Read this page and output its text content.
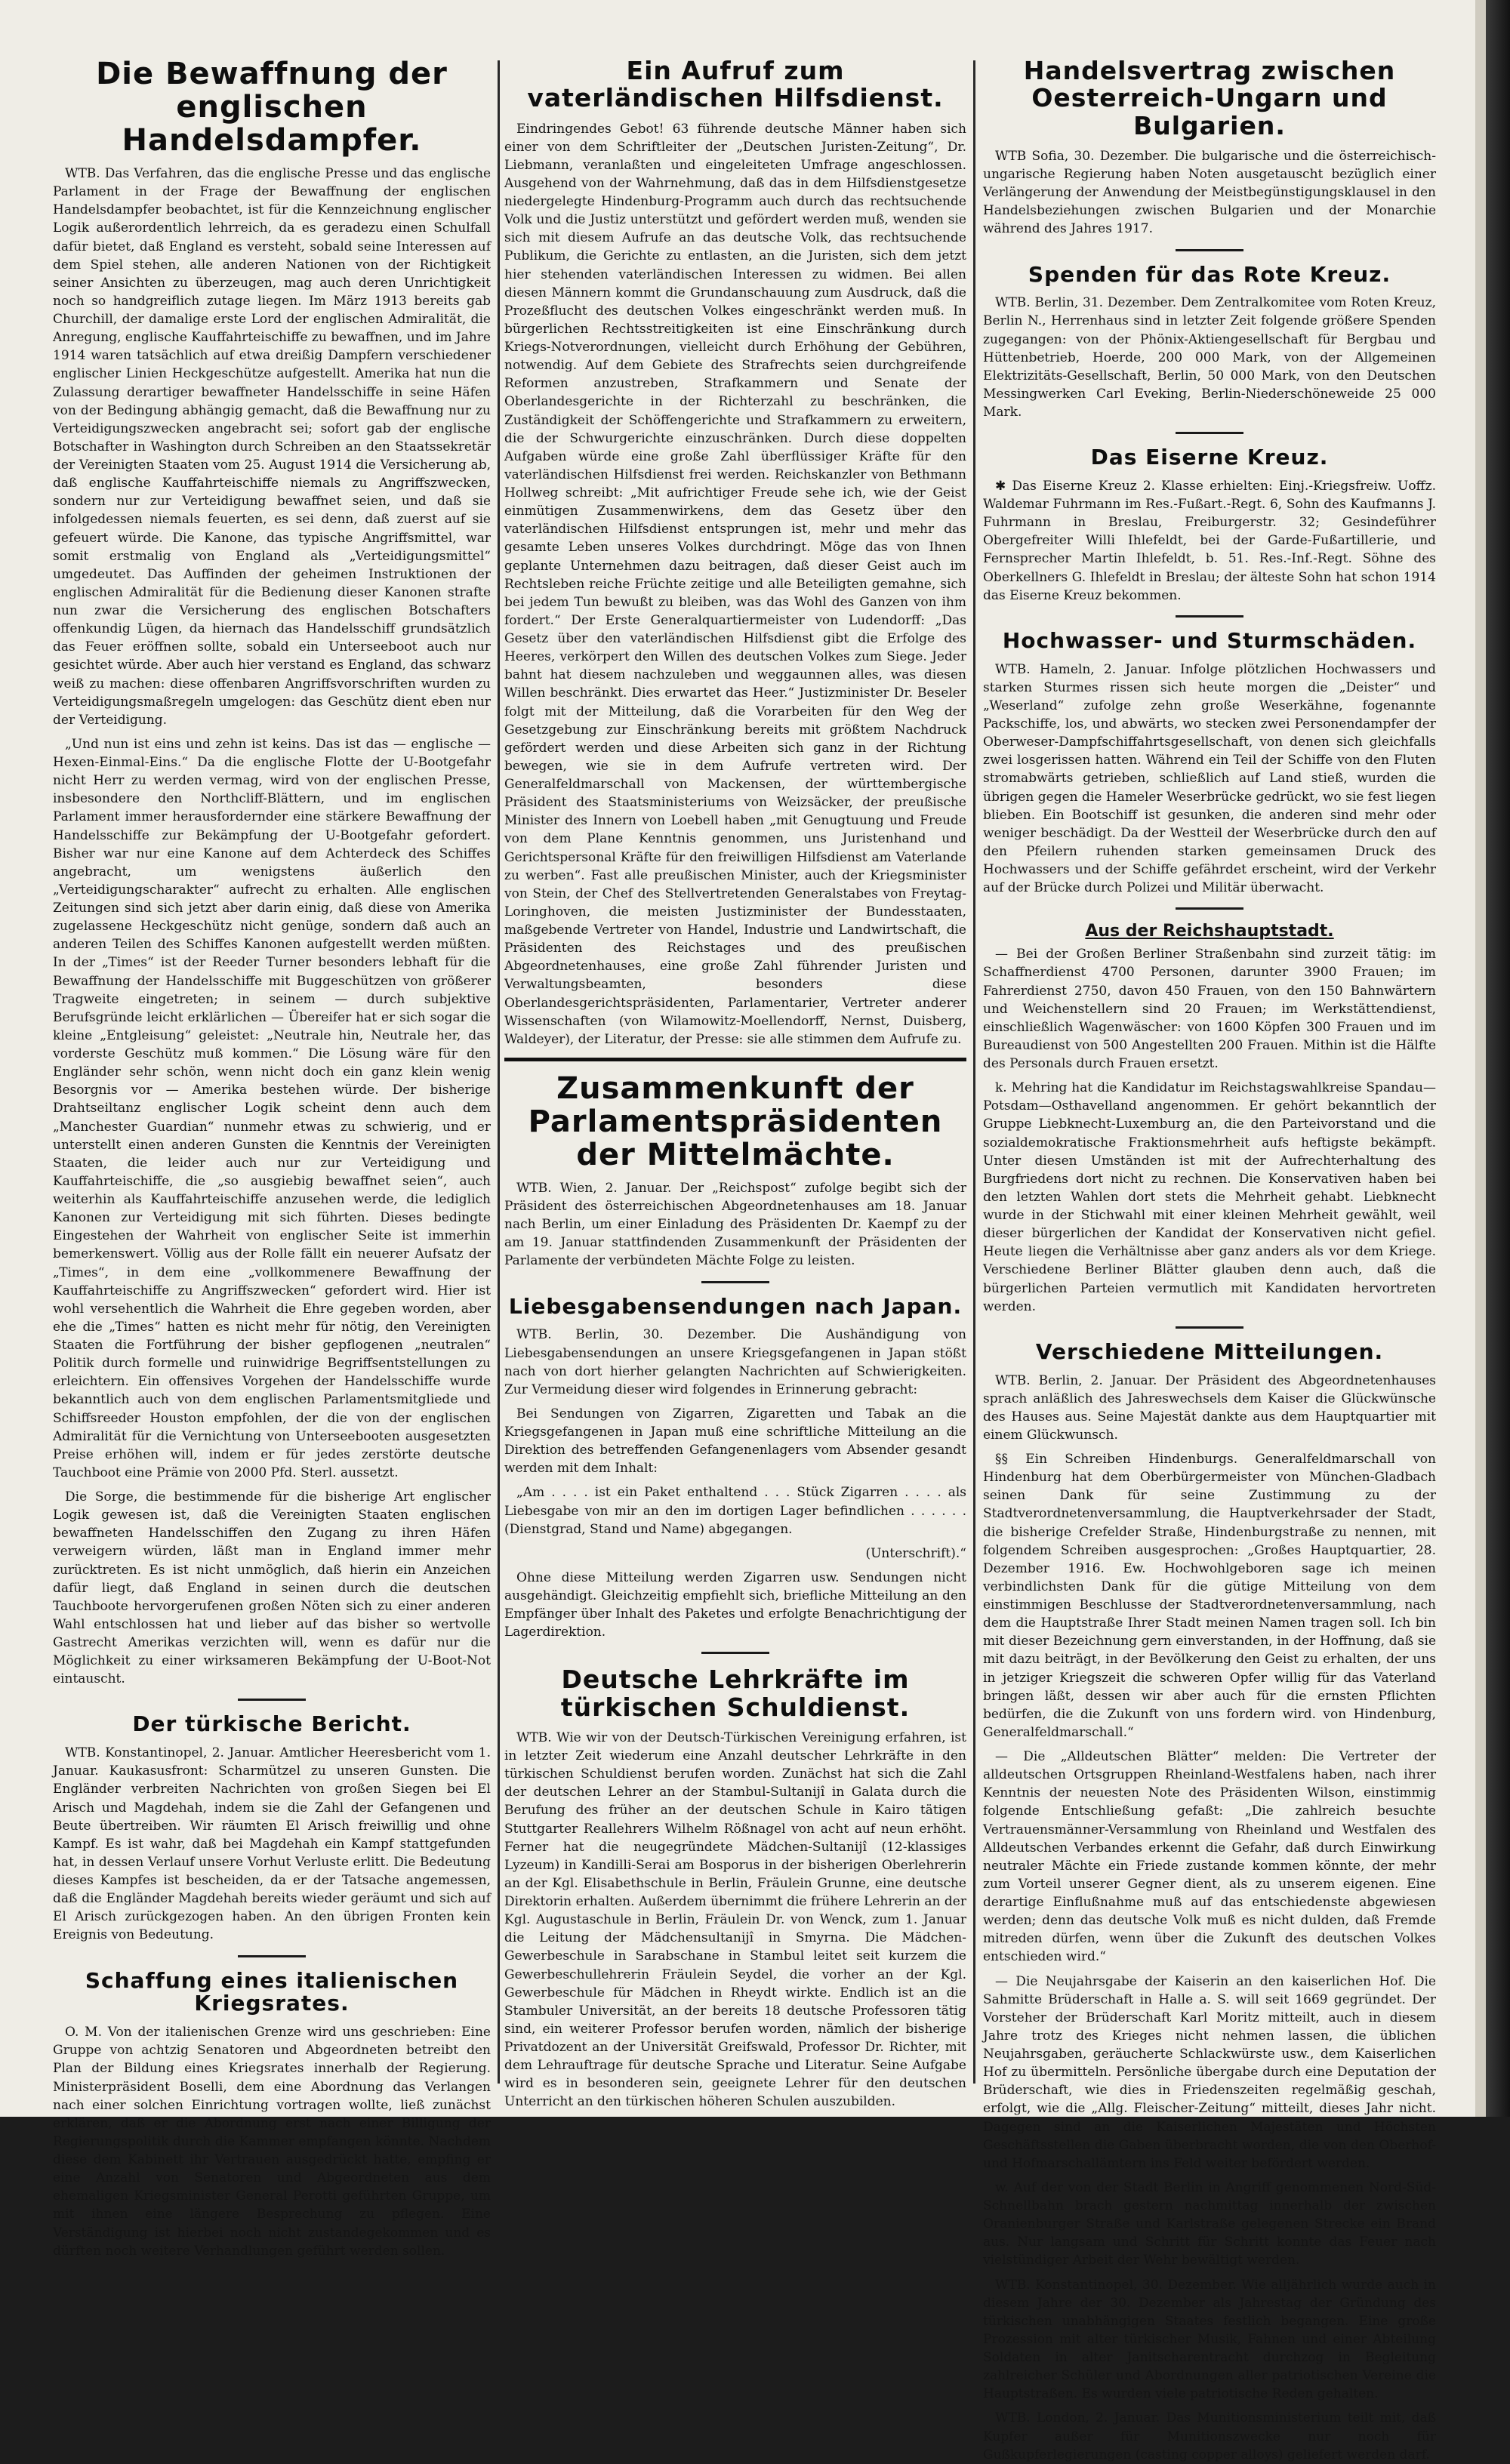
Die Bewaffnung der englischen Handelsdampfer.

WTB. Das Verfahren, das die englische Presse und das englische Parlament in der Frage der Bewaffnung der englischen Handelsdampfer beobachtet, ist für die Kennzeichnung englischer Logik außerordentlich lehrreich, da es geradezu einen Schulfall dafür bietet, daß England es versteht, sobald seine Interessen auf dem Spiel stehen, alle anderen Nationen von der Richtigkeit seiner Ansichten zu überzeugen, mag auch deren Unrichtigkeit noch so handgreiflich zutage liegen. Im März 1913 bereits gab Churchill, der damalige erste Lord der englischen Admiralität, die Anregung, englische Kauffahrteischiffe zu bewaffnen, und im Jahre 1914 waren tatsächlich auf etwa dreißig Dampfern verschiedener englischer Linien Heckgeschütze aufgestellt. Amerika hat nun die Zulassung derartiger bewaffneter Handelsschiffe in seine Häfen von der Bedingung abhängig gemacht, daß die Bewaffnung nur zu Verteidigungszwecken angebracht sei; sofort gab der englische Botschafter in Washington durch Schreiben an den Staatssekretär der Vereinigten Staaten vom 25. August 1914 die Versicherung ab, daß englische Kauffahrteischiffe niemals zu Angriffszwecken, sondern nur zur Verteidigung bewaffnet seien, und daß sie infolgedessen niemals feuerten, es sei denn, daß zuerst auf sie gefeuert würde. Die Kanone, das typische Angriffsmittel, war somit erstmalig von England als „Verteidigungsmittel“ umgedeutet. Das Auffinden der geheimen Instruktionen der englischen Admiralität für die Bedienung dieser Kanonen strafte nun zwar die Versicherung des englischen Botschafters offenkundig Lügen, da hiernach das Handelsschiff grundsätzlich das Feuer eröffnen sollte, sobald ein Unterseeboot auch nur gesichtet würde. Aber auch hier verstand es England, das schwarz weiß zu machen: diese offenbaren Angriffsvorschriften wurden zu Verteidigungsmaßregeln umgelogen: das Geschütz dient eben nur der Verteidigung.

„Und nun ist eins und zehn ist keins. Das ist das — englische — Hexen-Einmal-Eins.“ Da die englische Flotte der U-Bootgefahr nicht Herr zu werden vermag, wird von der englischen Presse, insbesondere den Northcliff-Blättern, und im englischen Parlament immer herausfordernder eine stärkere Bewaffnung der Handelsschiffe zur Bekämpfung der U-Bootgefahr gefordert. Bisher war nur eine Kanone auf dem Achterdeck des Schiffes angebracht, um wenigstens äußerlich den „Verteidigungscharakter“ aufrecht zu erhalten. Alle englischen Zeitungen sind sich jetzt aber darin einig, daß diese von Amerika zugelassene Heckgeschütz nicht genüge, sondern daß auch an anderen Teilen des Schiffes Kanonen aufgestellt werden müßten. In der „Times“ ist der Reeder Turner besonders lebhaft für die Bewaffnung der Handelsschiffe mit Buggeschützen von größerer Tragweite eingetreten; in seinem — durch subjektive Berufsgründe leicht erklärlichen — Übereifer hat er sich sogar die kleine „Entgleisung“ geleistet: „Neutrale hin, Neutrale her, das vorderste Geschütz muß kommen.“ Die Lösung wäre für den Engländer sehr schön, wenn nicht doch ein ganz klein wenig Besorgnis vor — Amerika bestehen würde. Der bisherige Drahtseiltanz englischer Logik scheint denn auch dem „Manchester Guardian“ nunmehr etwas zu schwierig, und er unterstellt einen anderen Gunsten die Kenntnis der Vereinigten Staaten, die leider auch nur zur Verteidigung und Kauffahrteischiffe, die „so ausgiebig bewaffnet seien“, auch weiterhin als Kauffahrteischiffe anzusehen werde, die lediglich Kanonen zur Verteidigung mit sich führten. Dieses bedingte Eingestehen der Wahrheit von englischer Seite ist immerhin bemerkenswert. Völlig aus der Rolle fällt ein neuerer Aufsatz der „Times“, in dem eine „vollkommenere Bewaffnung der Kauffahrteischiffe zu Angriffszwecken“ gefordert wird. Hier ist wohl versehentlich die Wahrheit die Ehre gegeben worden, aber ehe die „Times“ hatten es nicht mehr für nötig, den Vereinigten Staaten die Fortführung der bisher gepflogenen „neutralen“ Politik durch formelle und ruinwidrige Begriffsentstellungen zu erleichtern. Ein offensives Vorgehen der Handelsschiffe wurde bekanntlich auch von dem englischen Parlamentsmitgliede und Schiffsreeder Houston empfohlen, der die von der englischen Admiralität für die Vernichtung von Unterseebooten ausgesetzten Preise erhöhen will, indem er für jedes zerstörte deutsche Tauchboot eine Prämie von 2000 Pfd. Sterl. aussetzt.

Die Sorge, die bestimmende für die bisherige Art englischer Logik gewesen ist, daß die Vereinigten Staaten englischen bewaffneten Handelsschiffen den Zugang zu ihren Häfen verweigern würden, läßt man in England immer mehr zurücktreten. Es ist nicht unmöglich, daß hierin ein Anzeichen dafür liegt, daß England in seinen durch die deutschen Tauchboote hervorgerufenen großen Nöten sich zu einer anderen Wahl entschlossen hat und lieber auf das bisher so wertvolle Gastrecht Amerikas verzichten will, wenn es dafür nur die Möglichkeit zu einer wirksameren Bekämpfung der U-Boot-Not eintauscht.

Der türkische Bericht.

WTB. Konstantinopel, 2. Januar. Amtlicher Heeresbericht vom 1. Januar. Kaukasusfront: Scharmützel zu unseren Gunsten. Die Engländer verbreiten Nachrichten von großen Siegen bei El Arisch und Magdehah, indem sie die Zahl der Gefangenen und Beute übertreiben. Wir räumten El Arisch freiwillig und ohne Kampf. Es ist wahr, daß bei Magdehah ein Kampf stattgefunden hat, in dessen Verlauf unsere Vorhut Verluste erlitt. Die Bedeutung dieses Kampfes ist bescheiden, da er der Tatsache angemessen, daß die Engländer Magdehah bereits wieder geräumt und sich auf El Arisch zurückgezogen haben. An den übrigen Fronten kein Ereignis von Bedeutung.

Schaffung eines italienischen Kriegsrates.

O. M. Von der italienischen Grenze wird uns geschrieben: Eine Gruppe von achtzig Senatoren und Abgeordneten betreibt den Plan der Bildung eines Kriegsrates innerhalb der Regierung. Ministerpräsident Boselli, dem eine Abordnung das Verlangen nach einer solchen Einrichtung vortragen wollte, ließ zunächst erklären, daß er die Abordnung erst nach einer Billigung der Regierungspolitik durch die Kammer empfangen könnte. Nachdem diese dem Kabinett ihr Vertrauen ausgedrückt hatte, empfing er eine Anzahl von Senatoren und Abgeordneten aus dem ehemaligen Kriegsminister General Perotti geführten Gruppe, um mit ihnen eine längere Besprechung zu pflegen. Eine Verständigung ist hierbei noch nicht zustandegekommen und es dürften noch weitere Verhandlungen geführt werden sollen.

Ein Aufruf zum vaterländischen Hilfsdienst.

Eindringendes Gebot! 63 führende deutsche Männer haben sich einer von dem Schriftleiter der „Deutschen Juristen-Zeitung“, Dr. Liebmann, veranlaßten und eingeleiteten Umfrage angeschlossen. Ausgehend von der Wahrnehmung, daß das in dem Hilfsdienstgesetze niedergelegte Hindenburg-Programm auch durch das rechtsuchende Volk und die Justiz unterstützt und gefördert werden muß, wenden sie sich mit diesem Aufrufe an das deutsche Volk, das rechtsuchende Publikum, die Gerichte zu entlasten, an die Juristen, sich dem jetzt hier stehenden vaterländischen Interessen zu widmen. Bei allen diesen Männern kommt die Grundanschauung zum Ausdruck, daß die Prozeßflucht des deutschen Volkes eingeschränkt werden muß. In bürgerlichen Rechtsstreitigkeiten ist eine Einschränkung durch Kriegs-Notverordnungen, vielleicht durch Erhöhung der Gebühren, notwendig. Auf dem Gebiete des Strafrechts seien durchgreifende Reformen anzustreben, Strafkammern und Senate der Oberlandesgerichte in der Richterzahl zu beschränken, die Zuständigkeit der Schöffengerichte und Strafkammern zu erweitern, die der Schwurgerichte einzuschränken. Durch diese doppelten Aufgaben würde eine große Zahl überflüssiger Kräfte für den vaterländischen Hilfsdienst frei werden. Reichskanzler von Bethmann Hollweg schreibt: „Mit aufrichtiger Freude sehe ich, wie der Geist einmütigen Zusammenwirkens, dem das Gesetz über den vaterländischen Hilfsdienst entsprungen ist, mehr und mehr das gesamte Leben unseres Volkes durchdringt. Möge das von Ihnen geplante Unternehmen dazu beitragen, daß dieser Geist auch im Rechtsleben reiche Früchte zeitige und alle Beteiligten gemahne, sich bei jedem Tun bewußt zu bleiben, was das Wohl des Ganzen von ihm fordert.“ Der Erste Generalquartiermeister von Ludendorff: „Das Gesetz über den vaterländischen Hilfsdienst gibt die Erfolge des Heeres, verkörpert den Willen des deutschen Volkes zum Siege. Jeder bahnt hat diesem nachzuleben und weggaunnen alles, was diesen Willen beschränkt. Dies erwartet das Heer.“ Justizminister Dr. Beseler folgt mit der Mitteilung, daß die Vorarbeiten für den Weg der Gesetzgebung zur Einschränkung bereits mit größtem Nachdruck gefördert werden und diese Arbeiten sich ganz in der Richtung bewegen, wie sie in dem Aufrufe vertreten wird. Der Generalfeldmarschall von Mackensen, der württembergische Präsident des Staatsministeriums von Weizsäcker, der preußische Minister des Innern von Loebell haben „mit Genugtuung und Freude von dem Plane Kenntnis genommen, uns Juristenhand und Gerichtspersonal Kräfte für den freiwilligen Hilfsdienst am Vaterlande zu werben“. Fast alle preußischen Minister, auch der Kriegsminister von Stein, der Chef des Stellvertretenden Generalstabes von Freytag-Loringhoven, die meisten Justizminister der Bundesstaaten, maßgebende Vertreter von Handel, Industrie und Landwirtschaft, die Präsidenten des Reichstages und des preußischen Abgeordnetenhauses, eine große Zahl führender Juristen und Verwaltungsbeamten, besonders diese Oberlandesgerichtspräsidenten, Parlamentarier, Vertreter anderer Wissenschaften (von Wilamowitz-Moellendorff, Nernst, Duisberg, Waldeyer), der Literatur, der Presse: sie alle stimmen dem Aufrufe zu.

Zusammenkunft der Parlamentspräsidenten der Mittelmächte.

WTB. Wien, 2. Januar. Der „Reichspost“ zufolge begibt sich der Präsident des österreichischen Abgeordnetenhauses am 18. Januar nach Berlin, um einer Einladung des Präsidenten Dr. Kaempf zu der am 19. Januar stattfindenden Zusammenkunft der Präsidenten der Parlamente der verbündeten Mächte Folge zu leisten.

Liebesgabensendungen nach Japan.

WTB. Berlin, 30. Dezember. Die Aushändigung von Liebesgabensendungen an unsere Kriegsgefangenen in Japan stößt nach von dort hierher gelangten Nachrichten auf Schwierigkeiten. Zur Vermeidung dieser wird folgendes in Erinnerung gebracht:

Bei Sendungen von Zigarren, Zigaretten und Tabak an die Kriegsgefangenen in Japan muß eine schriftliche Mitteilung an die Direktion des betreffenden Gefangenenlagers vom Absender gesandt werden mit dem Inhalt:

„Am . . . . ist ein Paket enthaltend . . . Stück Zigarren . . . . als Liebesgabe von mir an den im dortigen Lager befindlichen . . . . . . (Dienstgrad, Stand und Name) abgegangen.

(Unterschrift).“

Ohne diese Mitteilung werden Zigarren usw. Sendungen nicht ausgehändigt. Gleichzeitig empfiehlt sich, briefliche Mitteilung an den Empfänger über Inhalt des Paketes und erfolgte Benachrichtigung der Lagerdirektion.

Deutsche Lehrkräfte im türkischen Schuldienst.

WTB. Wie wir von der Deutsch-Türkischen Vereinigung erfahren, ist in letzter Zeit wiederum eine Anzahl deutscher Lehrkräfte in den türkischen Schuldienst berufen worden. Zunächst hat sich die Zahl der deutschen Lehrer an der Stambul-Sultanijî in Galata durch die Berufung des früher an der deutschen Schule in Kairo tätigen Stuttgarter Reallehrers Wilhelm Rößnagel von acht auf neun erhöht. Ferner hat die neugegründete Mädchen-Sultanijî (12-klassiges Lyzeum) in Kandilli-Serai am Bosporus in der bisherigen Oberlehrerin an der Kgl. Elisabethschule in Berlin, Fräulein Grunne, eine deutsche Direktorin erhalten. Außerdem übernimmt die frühere Lehrerin an der Kgl. Augustaschule in Berlin, Fräulein Dr. von Wenck, zum 1. Januar die Leitung der Mädchensultanijî in Smyrna. Die Mädchen-Gewerbeschule in Sarabschane in Stambul leitet seit kurzem die Gewerbeschullehrerin Fräulein Seydel, die vorher an der Kgl. Gewerbeschule für Mädchen in Rheydt wirkte. Endlich ist an die Stambuler Universität, an der bereits 18 deutsche Professoren tätig sind, ein weiterer Professor berufen worden, nämlich der bisherige Privatdozent an der Universität Greifswald, Professor Dr. Richter, mit dem Lehrauftrage für deutsche Sprache und Literatur. Seine Aufgabe wird es in besonderen sein, geeignete Lehrer für den deutschen Unterricht an den türkischen höheren Schulen auszubilden.

Handelsvertrag zwischen Oesterreich-Ungarn und Bulgarien.

WTB Sofia, 30. Dezember. Die bulgarische und die österreichisch-ungarische Regierung haben Noten ausgetauscht bezüglich einer Verlängerung der Anwendung der Meistbegünstigungsklausel in den Handelsbeziehungen zwischen Bulgarien und der Monarchie während des Jahres 1917.

Spenden für das Rote Kreuz.

WTB. Berlin, 31. Dezember. Dem Zentralkomitee vom Roten Kreuz, Berlin N., Herrenhaus sind in letzter Zeit folgende größere Spenden zugegangen: von der Phönix-Aktiengesellschaft für Bergbau und Hüttenbetrieb, Hoerde, 200 000 Mark, von der Allgemeinen Elektrizitäts-Gesellschaft, Berlin, 50 000 Mark, von den Deutschen Messingwerken Carl Eveking, Berlin-Niederschöneweide 25 000 Mark.

Das Eiserne Kreuz.

✱ Das Eiserne Kreuz 2. Klasse erhielten: Einj.-Kriegsfreiw. Uoffz. Waldemar Fuhrmann im Res.-Fußart.-Regt. 6, Sohn des Kaufmanns J. Fuhrmann in Breslau, Freiburgerstr. 32; Gesindeführer Obergefreiter Willi Ihlefeldt, bei der Garde-Fußartillerie, und Fernsprecher Martin Ihlefeldt, b. 51. Res.-Inf.-Regt. Söhne des Oberkellners G. Ihlefeldt in Breslau; der älteste Sohn hat schon 1914 das Eiserne Kreuz bekommen.

Hochwasser- und Sturmschäden.

WTB. Hameln, 2. Januar. Infolge plötzlichen Hochwassers und starken Sturmes rissen sich heute morgen die „Deister“ und „Weserland“ zufolge zehn große Weserkähne, fogenannte Packschiffe, los, und abwärts, wo stecken zwei Personendampfer der Oberweser-Dampfschiffahrtsgesellschaft, von denen sich gleichfalls zwei losgerissen hatten. Während ein Teil der Schiffe von den Fluten stromabwärts getrieben, schließlich auf Land stieß, wurden die übrigen gegen die Hameler Weserbrücke gedrückt, wo sie fest liegen blieben. Ein Bootschiff ist gesunken, die anderen sind mehr oder weniger beschädigt. Da der Westteil der Weserbrücke durch den auf den Pfeilern ruhenden starken gemeinsamen Druck des Hochwassers und der Schiffe gefährdet erscheint, wird der Verkehr auf der Brücke durch Polizei und Militär überwacht.

Aus der Reichshauptstadt.

— Bei der Großen Berliner Straßenbahn sind zurzeit tätig: im Schaffnerdienst 4700 Personen, darunter 3900 Frauen; im Fahrerdienst 2750, davon 450 Frauen, von den 150 Bahnwärtern und Weichenstellern sind 20 Frauen; im Werkstättendienst, einschließlich Wagenwäscher: von 1600 Köpfen 300 Frauen und im Bureaudienst von 500 Angestellten 200 Frauen. Mithin ist die Hälfte des Personals durch Frauen ersetzt.

k. Mehring hat die Kandidatur im Reichstagswahlkreise Spandau—Potsdam—Osthavelland angenommen. Er gehört bekanntlich der Gruppe Liebknecht-Luxemburg an, die den Parteivorstand und die sozialdemokratische Fraktionsmehrheit aufs heftigste bekämpft. Unter diesen Umständen ist mit der Aufrechterhaltung des Burgfriedens dort nicht zu rechnen. Die Konservativen haben bei den letzten Wahlen dort stets die Mehrheit gehabt. Liebknecht wurde in der Stichwahl mit einer kleinen Mehrheit gewählt, weil dieser bürgerlichen der Kandidat der Konservativen nicht gefiel. Heute liegen die Verhältnisse aber ganz anders als vor dem Kriege. Verschiedene Berliner Blätter glauben denn auch, daß die bürgerlichen Parteien vermutlich mit Kandidaten hervortreten werden.

Verschiedene Mitteilungen.

WTB. Berlin, 2. Januar. Der Präsident des Abgeordnetenhauses sprach anläßlich des Jahreswechsels dem Kaiser die Glückwünsche des Hauses aus. Seine Majestät dankte aus dem Hauptquartier mit einem Glückwunsch.

§§ Ein Schreiben Hindenburgs. Generalfeldmarschall von Hindenburg hat dem Oberbürgermeister von München-Gladbach seinen Dank für seine Zustimmung zu der Stadtverordnetenversammlung, die Hauptverkehrsader der Stadt, die bisherige Crefelder Straße, Hindenburgstraße zu nennen, mit folgendem Schreiben ausgesprochen: „Großes Hauptquartier, 28. Dezember 1916. Ew. Hochwohlgeboren sage ich meinen verbindlichsten Dank für die gütige Mitteilung von dem einstimmigen Beschlusse der Stadtverordnetenversammlung, nach dem die Hauptstraße Ihrer Stadt meinen Namen tragen soll. Ich bin mit dieser Bezeichnung gern einverstanden, in der Hoffnung, daß sie mit dazu beiträgt, in der Bevölkerung den Geist zu erhalten, der uns in jetziger Kriegszeit die schweren Opfer willig für das Vaterland bringen läßt, dessen wir aber auch für die ernsten Pflichten bedürfen, die die Zukunft von uns fordern wird. von Hindenburg, Generalfeldmarschall.“

— Die „Alldeutschen Blätter“ melden: Die Vertreter der alldeutschen Ortsgruppen Rheinland-Westfalens haben, nach ihrer Kenntnis der neuesten Note des Präsidenten Wilson, einstimmig folgende Entschließung gefaßt: „Die zahlreich besuchte Vertrauensmänner-Versammlung von Rheinland und Westfalen des Alldeutschen Verbandes erkennt die Gefahr, daß durch Einwirkung neutraler Mächte ein Friede zustande kommen könnte, der mehr zum Vorteil unserer Gegner dient, als zu unserem eigenen. Eine derartige Einflußnahme muß auf das entschiedenste abgewiesen werden; denn das deutsche Volk muß es nicht dulden, daß Fremde mitreden dürfen, wenn über die Zukunft des deutschen Volkes entschieden wird.“

— Die Neujahrsgabe der Kaiserin an den kaiserlichen Hof. Die Sahmitte Brüderschaft in Halle a. S. will seit 1669 gegründet. Der Vorsteher der Brüderschaft Karl Moritz mitteilt, auch in diesem Jahre trotz des Krieges nicht nehmen lassen, die üblichen Neujahrsgaben, geräucherte Schlackwürste usw., dem Kaiserlichen Hof zu übermitteln. Persönliche übergabe durch eine Deputation der Brüderschaft, wie dies in Friedenszeiten regelmäßig geschah, erfolgt, wie die „Allg. Fleischer-Zeitung“ mitteilt, dieses Jahr nicht. Dagegen sind an die Kaiserlichen Majestäten und Höchsten Geschäftsstellen die Gaben überbracht worden, die von den Oberhof- und Hofmarschallämtern ins Feld weiter befördert werden.

w. Auf der von der Stadt Berlin in Angriff genommenen Nord-Süd-Schnellbahn brach gestern nachmittag innerhalb der zwischen Oranienburger Straße und Karlstraße gelegenen Strecke ein Brand aus. Nur langsam und Schritt für Schritt konnte das Feuer nach vielstündiger Arbeit der Wehr bewältigt werden.

WTB. Konstantinopel, 30. Dezember. Wie alljährlich wurde auch in diesem Jahre der 30. Dezember als Jahrestag der Gründung des türkischen unabhängigen Staates festlich begangen. Eine große Prozession mit alter türkischer Musik, Fahnen und einer Abteilung Soldaten in alter Janitscharentracht durchzog in Begleitung zahlreicher Schüler und Abordnungen aller patriotischen Vereine die Hauptstraßen. Es wurden viele patriotische Reden gehalten.

WTB. London, 2. Januar. Das Munitionsministerium teilt mit, daß Kupfer außer für Munitionszwecke nur noch für Gußkupferlegierungen (casting copper alloys) geliefert werden darf.
